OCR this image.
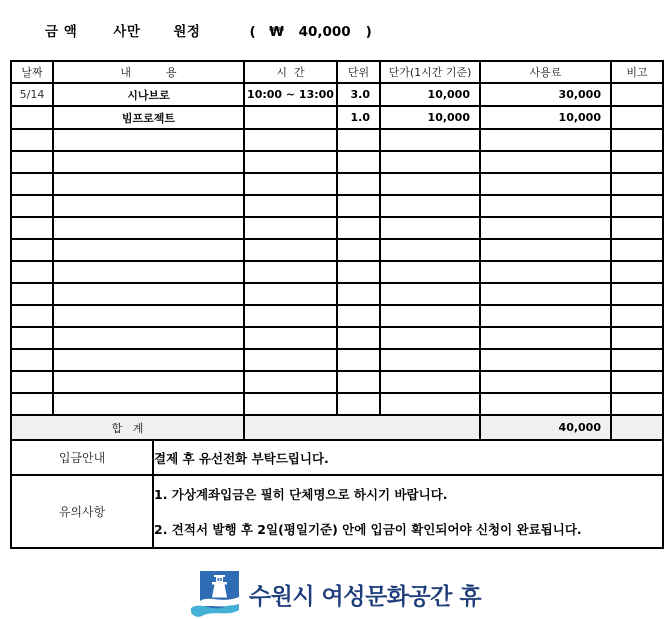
금 액	사만 원정	( ₩ 40,000 )
날짜	내          용	시  간	단위	단가(1시간 기준)	사용료	비고
5/14	시나브로	10:00 ~ 13:00	3.0	10,000	30,000	
	빔프로젝트		1.0	10,000	10,000	

합   계					40,000	
입금안내	결제 후 유선전화 부탁드립니다.
유의사항	1. 가상계좌입금은 필히 단체명으로 하시기 바랍니다.
2. 견적서 발행 후 2일(평일기준) 안에 입금이 확인되어야 신청이 완료됩니다.
수원시 여성문화공간 휴
